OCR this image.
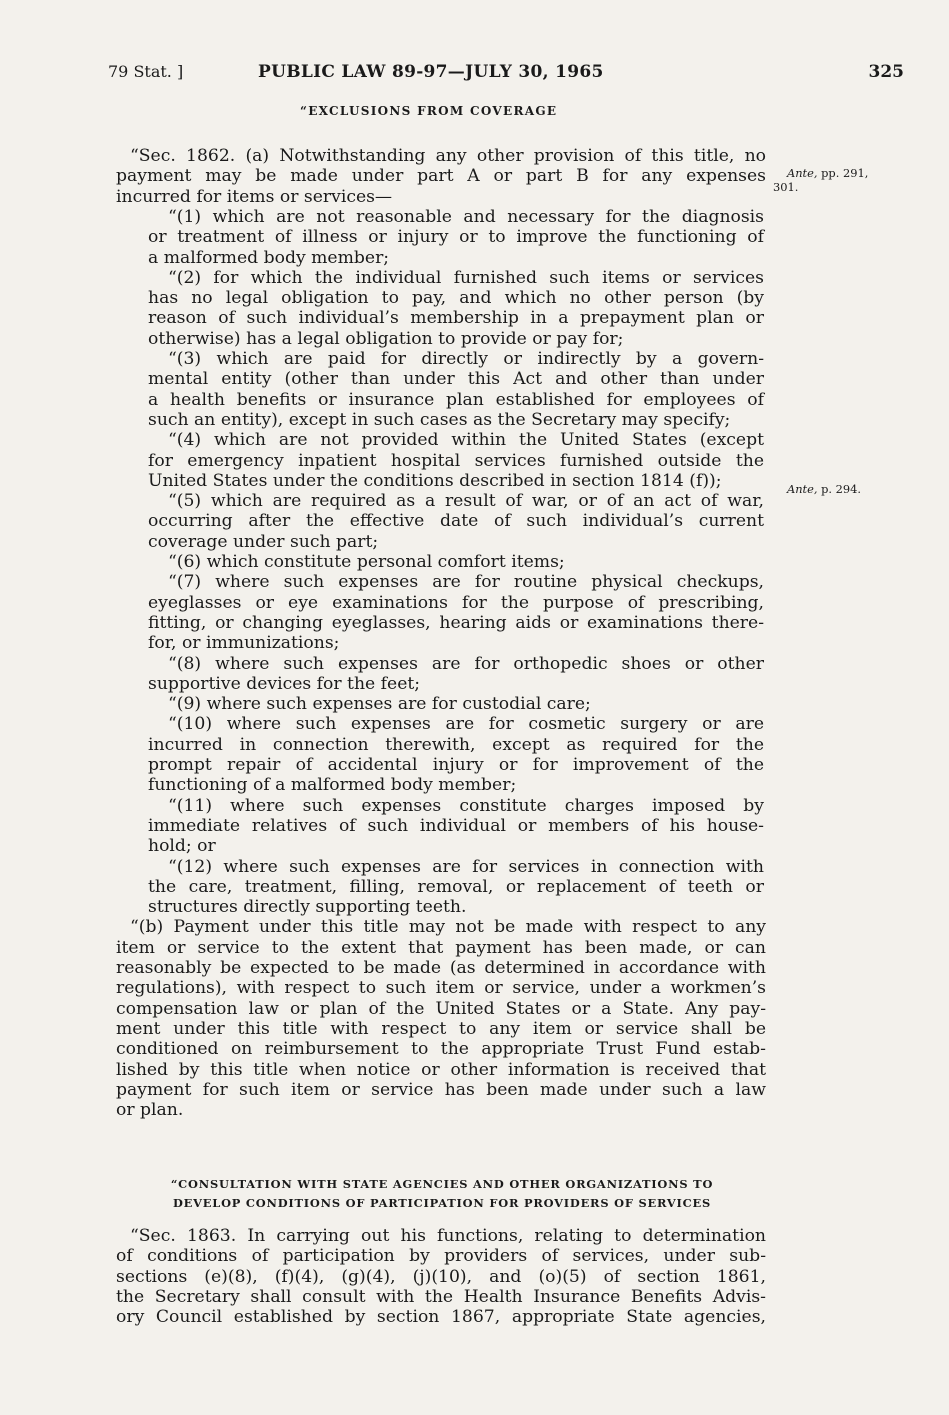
79 Stat. ]	PUBLIC LAW 89-97—JULY 30, 1965	325
“EXCLUSIONS FROM COVERAGE
“Sec. 1862. (a) Notwithstanding any other provision of this title, no
payment may be made under part A or part B for any expenses
incurred for items or services—
“(1) which are not reasonable and necessary for the diagnosis
or treatment of illness or injury or to improve the functioning of
a malformed body member;
“(2) for which the individual furnished such items or services
has no legal obligation to pay, and which no other person (by
reason of such individual’s membership in a prepayment plan or
otherwise) has a legal obligation to provide or pay for;
“(3) which are paid for directly or indirectly by a govern-
mental entity (other than under this Act and other than under
a health benefits or insurance plan established for employees of
such an entity), except in such cases as the Secretary may specify;
“(4) which are not provided within the United States (except
for emergency inpatient hospital services furnished outside the
United States under the conditions described in section 1814 (f));
“(5) which are required as a result of war, or of an act of war,
occurring after the effective date of such individual’s current
coverage under such part;
“(6) which constitute personal comfort items;
“(7) where such expenses are for routine physical checkups,
eyeglasses or eye examinations for the purpose of prescribing,
fitting, or changing eyeglasses, hearing aids or examinations there-
for, or immunizations;
“(8) where such expenses are for orthopedic shoes or other
supportive devices for the feet;
“(9) where such expenses are for custodial care;
“(10) where such expenses are for cosmetic surgery or are
incurred in connection therewith, except as required for the
prompt repair of accidental injury or for improvement of the
functioning of a malformed body member;
“(11) where such expenses constitute charges imposed by
immediate relatives of such individual or members of his house-
hold; or
“(12) where such expenses are for services in connection with
the care, treatment, filling, removal, or replacement of teeth or
structures directly supporting teeth.
“(b) Payment under this title may not be made with respect to any
item or service to the extent that payment has been made, or can
reasonably be expected to be made (as determined in accordance with
regulations), with respect to such item or service, under a workmen’s
compensation law or plan of the United States or a State. Any pay-
ment under this title with respect to any item or service shall be
conditioned on reimbursement to the appropriate Trust Fund estab-
lished by this title when notice or other information is received that
payment for such item or service has been made under such a law
or plan.
Ante, pp. 291,
301.
Ante, p. 294.
“CONSULTATION WITH STATE AGENCIES AND OTHER ORGANIZATIONS TO
DEVELOP CONDITIONS OF PARTICIPATION FOR PROVIDERS OF SERVICES
“Sec. 1863. In carrying out his functions, relating to determination
of conditions of participation by providers of services, under sub-
sections (e)(8), (f)(4), (g)(4), (j)(10), and (o)(5) of section 1861,
the Secretary shall consult with the Health Insurance Benefits Advis-
ory Council established by section 1867, appropriate State agencies,
